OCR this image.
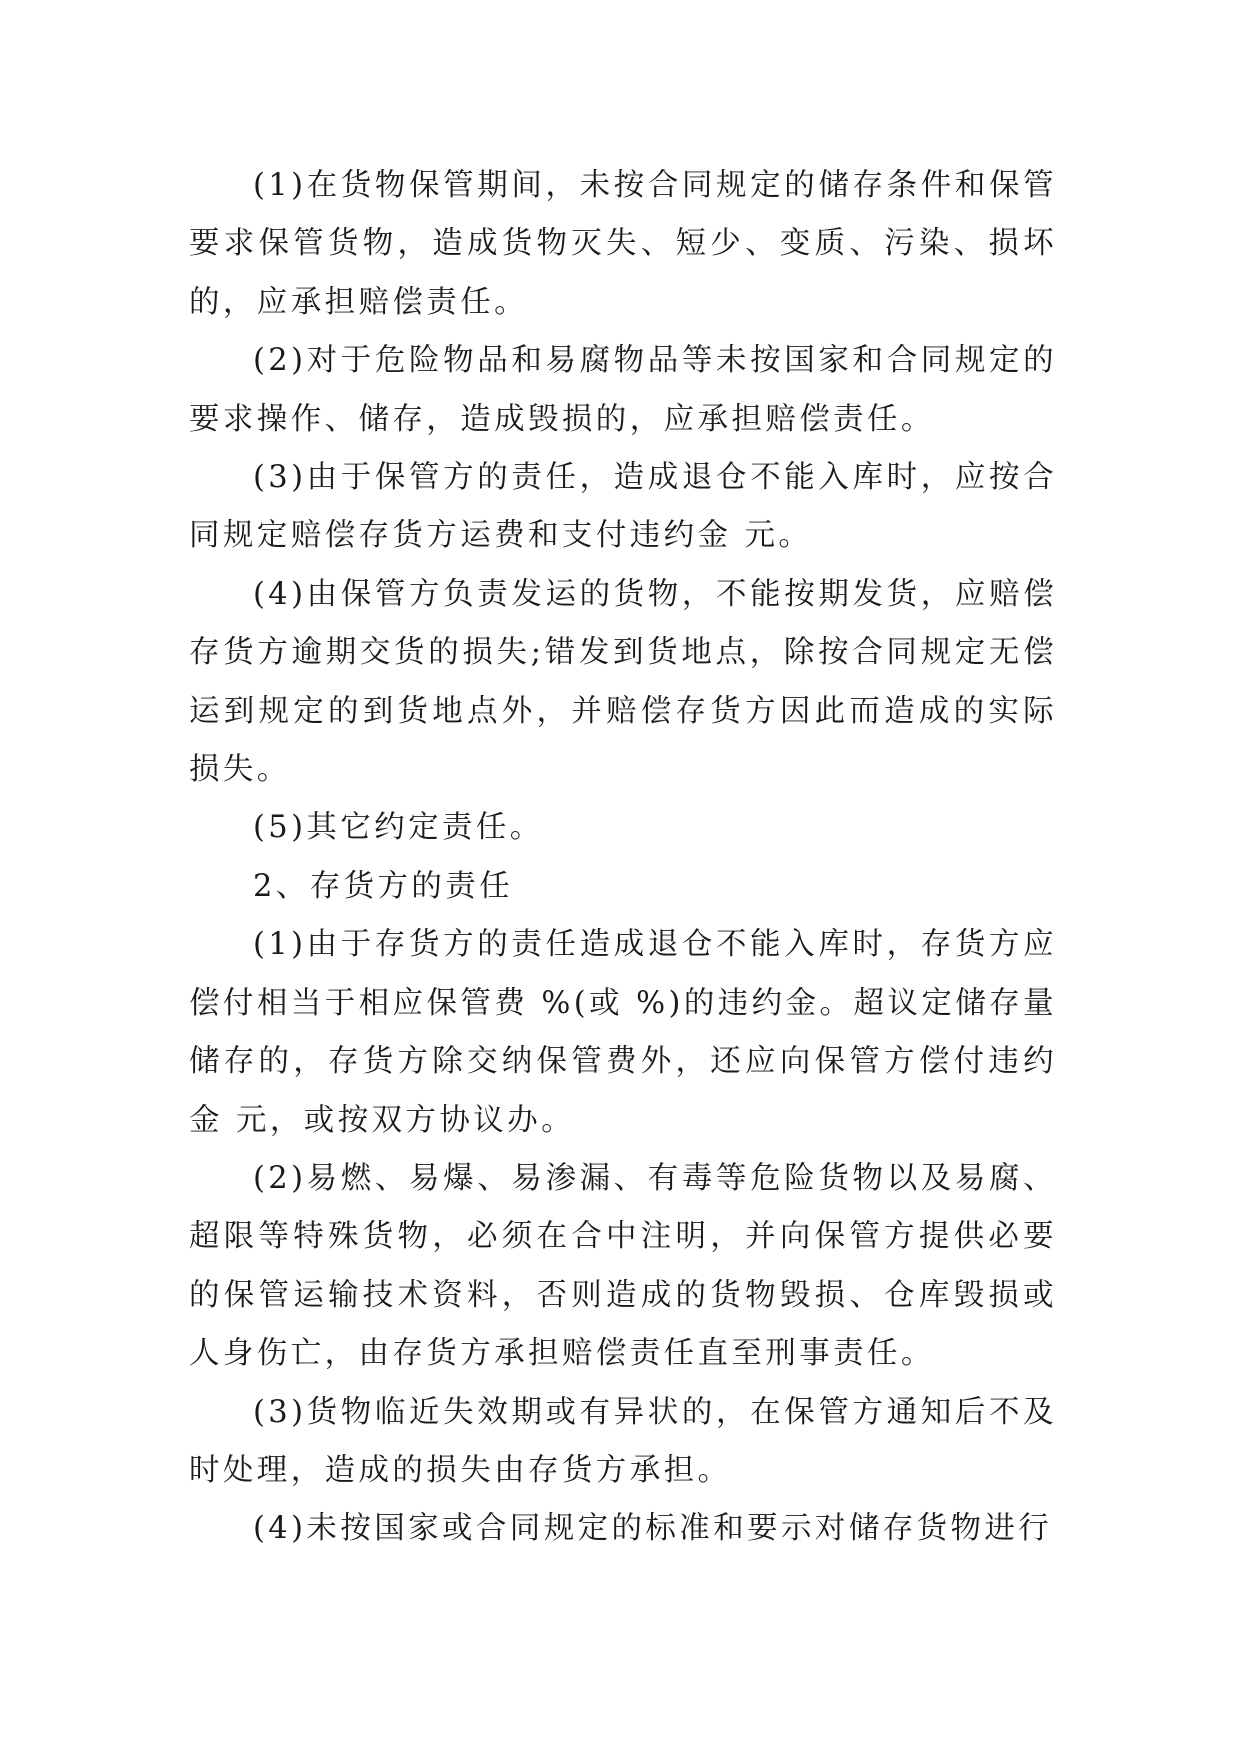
(1)在货物保管期间，未按合同规定的储存条件和保管要求保管货物，造成货物灭失、短少、变质、污染、损坏的，应承担赔偿责任。

(2)对于危险物品和易腐物品等未按国家和合同规定的要求操作、储存，造成毁损的，应承担赔偿责任。

(3)由于保管方的责任，造成退仓不能入库时，应按合同规定赔偿存货方运费和支付违约金 元。

(4)由保管方负责发运的货物，不能按期发货，应赔偿存货方逾期交货的损失;错发到货地点，除按合同规定无偿运到规定的到货地点外，并赔偿存货方因此而造成的实际损失。

(5)其它约定责任。

2、存货方的责任

(1)由于存货方的责任造成退仓不能入库时，存货方应偿付相当于相应保管费 %(或 %)的违约金。超议定储存量储存的，存货方除交纳保管费外，还应向保管方偿付违约金 元，或按双方协议办。

(2)易燃、易爆、易渗漏、有毒等危险货物以及易腐、超限等特殊货物，必须在合中注明，并向保管方提供必要的保管运输技术资料，否则造成的货物毁损、仓库毁损或人身伤亡，由存货方承担赔偿责任直至刑事责任。

(3)货物临近失效期或有异状的，在保管方通知后不及时处理，造成的损失由存货方承担。

(4)未按国家或合同规定的标准和要示对储存货物进行
